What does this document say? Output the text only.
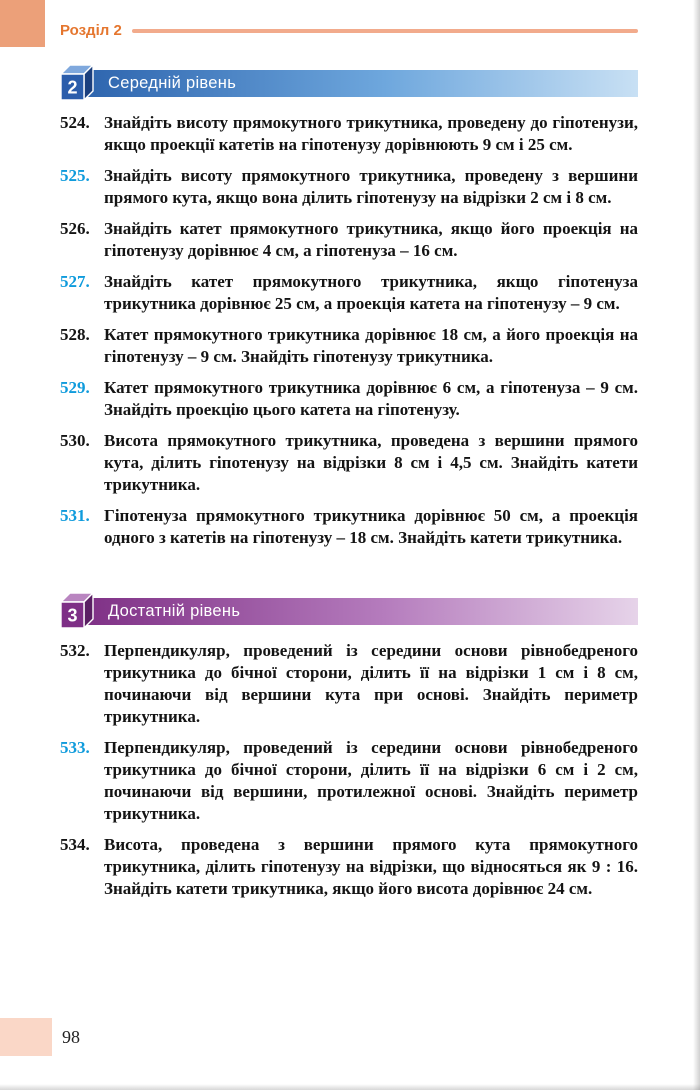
Розділ 2
2 Середній рівень
524. Знайдіть висоту прямокутного трикутника, проведену до гіпотенузи, якщо проекції катетів на гіпотенузу дорівнюють 9 см і 25 см.
525. Знайдіть висоту прямокутного трикутника, проведену з вершини прямого кута, якщо вона ділить гіпотенузу на відрізки 2 см і 8 см.
526. Знайдіть катет прямокутного трикутника, якщо його проекція на гіпотенузу дорівнює 4 см, а гіпотенуза – 16 см.
527. Знайдіть катет прямокутного трикутника, якщо гіпотенуза трикутника дорівнює 25 см, а проекція катета на гіпотенузу – 9 см.
528. Катет прямокутного трикутника дорівнює 18 см, а його проекція на гіпотенузу – 9 см. Знайдіть гіпотенузу трикутника.
529. Катет прямокутного трикутника дорівнює 6 см, а гіпотенуза – 9 см. Знайдіть проекцію цього катета на гіпотенузу.
530. Висота прямокутного трикутника, проведена з вершини прямого кута, ділить гіпотенузу на відрізки 8 см і 4,5 см. Знайдіть катети трикутника.
531. Гіпотенуза прямокутного трикутника дорівнює 50 см, а проекція одного з катетів на гіпотенузу – 18 см. Знайдіть катети трикутника.
3 Достатній рівень
532. Перпендикуляр, проведений із середини основи рівнобедреного трикутника до бічної сторони, ділить її на відрізки 1 см і 8 см, починаючи від вершини кута при основі. Знайдіть периметр трикутника.
533. Перпендикуляр, проведений із середини основи рівнобедреного трикутника до бічної сторони, ділить її на відрізки 6 см і 2 см, починаючи від вершини, протилежної основі. Знайдіть периметр трикутника.
534. Висота, проведена з вершини прямого кута прямокутного трикутника, ділить гіпотенузу на відрізки, що відносяться як 9 : 16. Знайдіть катети трикутника, якщо його висота дорівнює 24 см.
98
